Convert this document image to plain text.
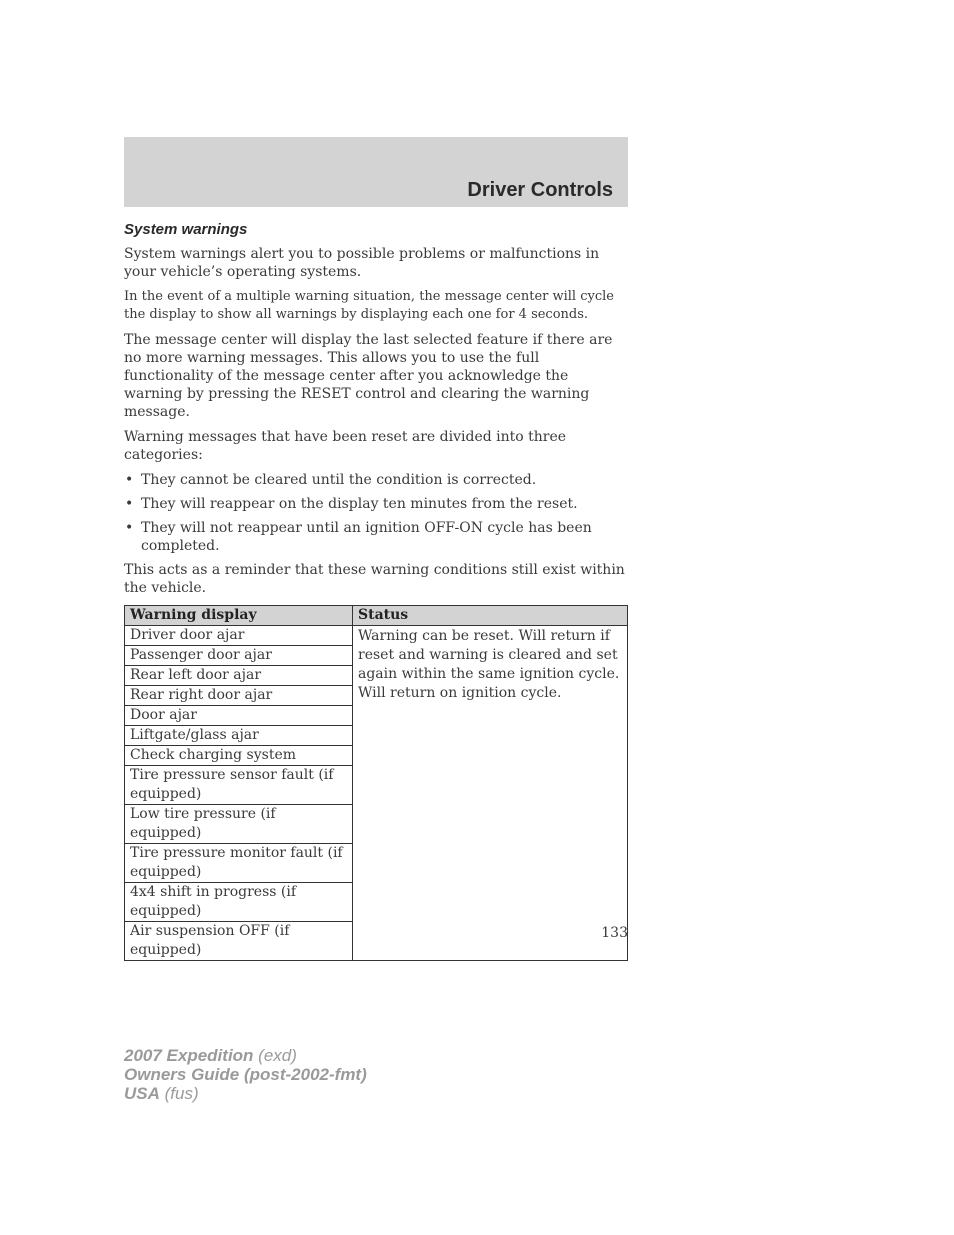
Driver Controls
System warnings

System warnings alert you to possible problems or malfunctions in your vehicle’s operating systems.

In the event of a multiple warning situation, the message center will cycle the display to show all warnings by displaying each one for 4 seconds.

The message center will display the last selected feature if there are no more warning messages. This allows you to use the full functionality of the message center after you acknowledge the warning by pressing the RESET control and clearing the warning message.

Warning messages that have been reset are divided into three categories:

• They cannot be cleared until the condition is corrected.
• They will reappear on the display ten minutes from the reset.
• They will not reappear until an ignition OFF-ON cycle has been completed.

This acts as a reminder that these warning conditions still exist within the vehicle.

Warning display	Status
Driver door ajar	Warning can be reset. Will return if reset and warning is cleared and set again within the same ignition cycle. Will return on ignition cycle.
Passenger door ajar	
Rear left door ajar	
Rear right door ajar	
Door ajar	
Liftgate/glass ajar	
Check charging system	
Tire pressure sensor fault (if equipped)	
Low tire pressure (if equipped)	
Tire pressure monitor fault (if equipped)	
4x4 shift in progress (if equipped)	
Air suspension OFF (if equipped)	
133
2007 Expedition (exd)
Owners Guide (post-2002-fmt)
USA (fus)
